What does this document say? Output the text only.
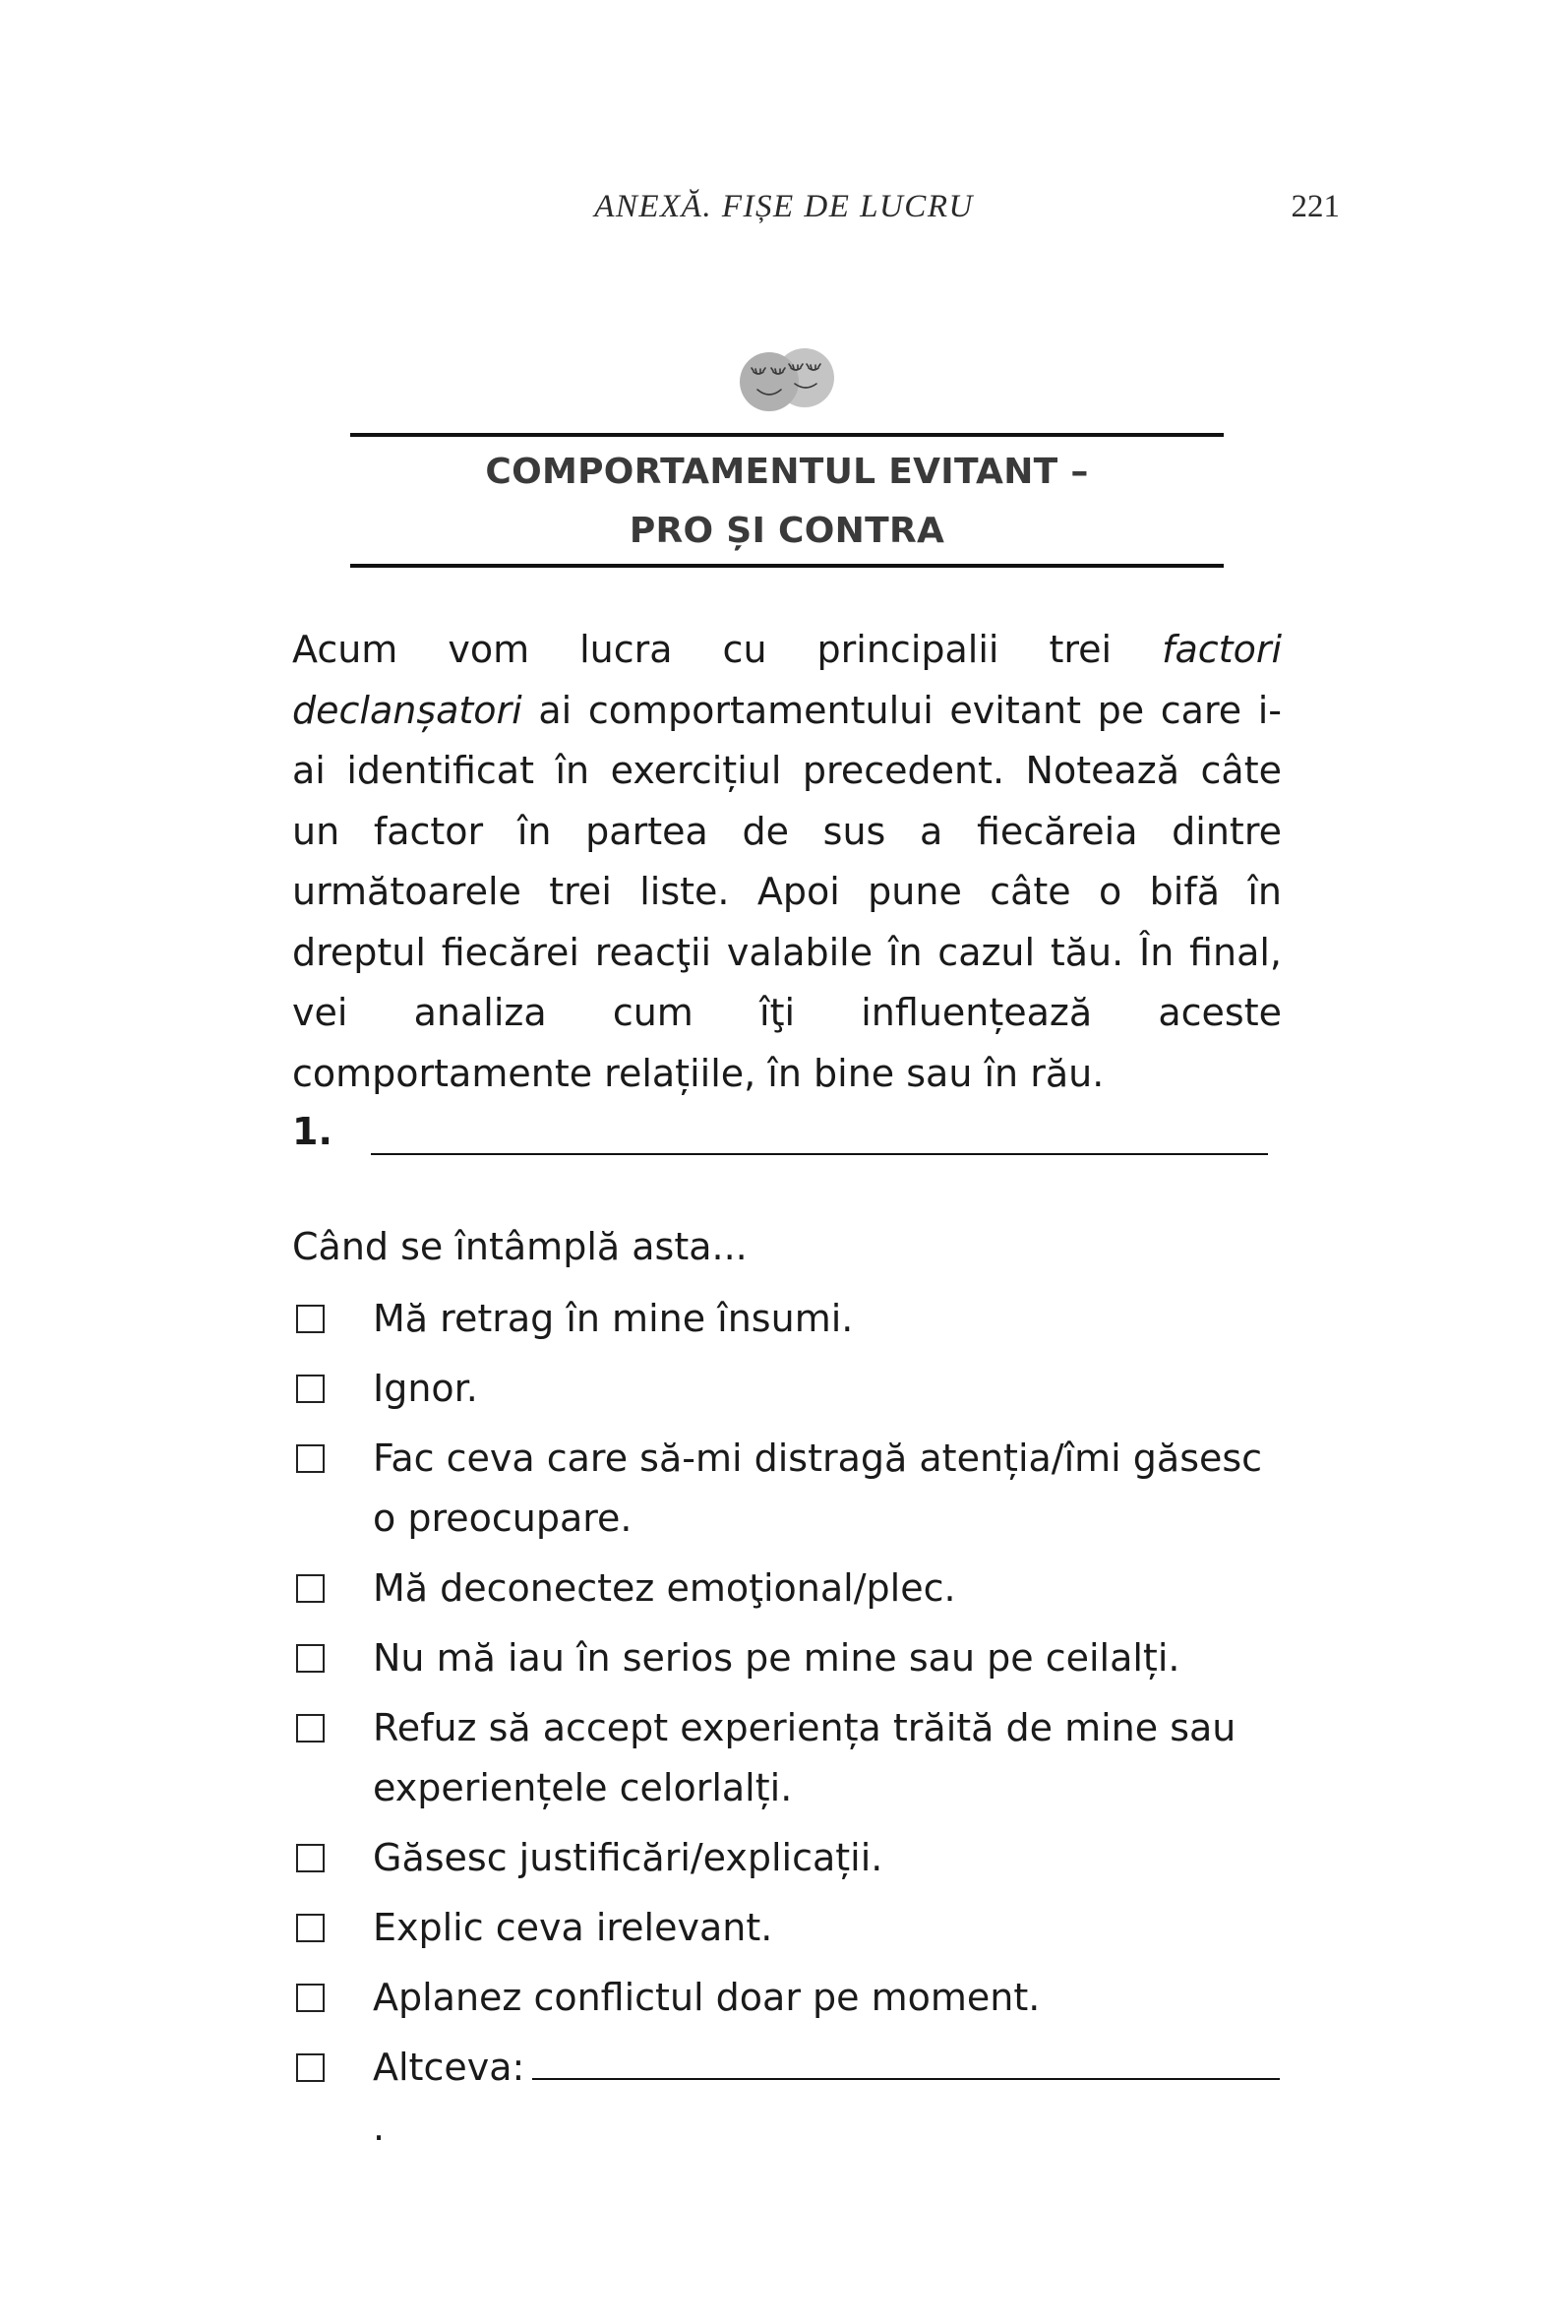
ANEXĂ. FIȘE DE LUCRU	221
COMPORTAMENTUL EVITANT –
PRO ȘI CONTRA

Acum vom lucra cu principalii trei factori declanșatori ai comportamentului evitant pe care i-ai identificat în exercițiul precedent. Notează câte un factor în partea de sus a fiecăreia dintre următoarele trei liste. Apoi pune câte o bifă în dreptul fiecărei reacţii valabile în cazul tău. În final, vei analiza cum îţi influențează aceste comportamente relațiile, în bine sau în rău.

1.
Când se întâmplă asta...
Mă retrag în mine însumi.
Ignor.
Fac ceva care să-mi distragă atenția/îmi găsesc o preocupare.
Mă deconectez emoţional/plec.
Nu mă iau în serios pe mine sau pe ceilalți.
Refuz să accept experiența trăită de mine sau experiențele celorlalți.
Găsesc justificări/explicații.
Explic ceva irelevant.
Aplanez conflictul doar pe moment.
Altceva:.
